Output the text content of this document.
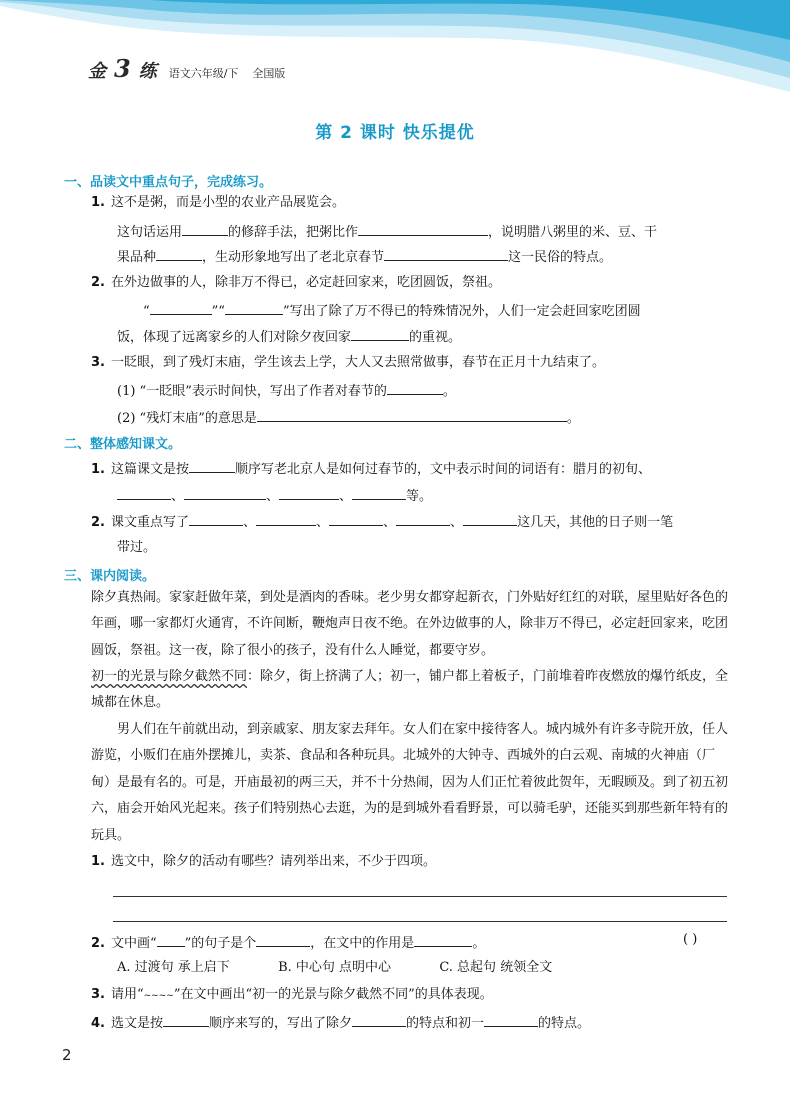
金 3 练 语文六年级/下 全国版
第 2 课时 快乐提优
一、品读文中重点句子，完成练习。
1. 这不是粥，而是小型的农业产品展览会。
这句话运用	的修辞手法，把粥比作	，说明腊八粥里的米、豆、干
果品种	，生动形象地写出了老北京春节	这一民俗的特点。
2. 在外边做事的人，除非万不得已，必定赶回家来，吃团圆饭，祭祖。
“	”“	”写出了除了万不得已的特殊情况外，人们一定会赶回家吃团圆
饭，体现了远离家乡的人们对除夕夜回家	的重视。
3. 一眨眼，到了残灯末庙，学生该去上学，大人又去照常做事，春节在正月十九结束了。
(1) “一眨眼”表示时间快，写出了作者对春节的	。
(2) “残灯末庙”的意思是	。
二、整体感知课文。
1. 这篇课文是按	顺序写老北京人是如何过春节的，文中表示时间的词语有：腊月的初旬、
、	、	、	等。
2. 课文重点写了	、	、	、	、	这几天，其他的日子则一笔
带过。
三、课内阅读。
除夕真热闹。家家赶做年菜，到处是酒肉的香味。老少男女都穿起新衣，门外贴好红红的对联，屋里贴好各色的年画，哪一家都灯火通宵，不许间断，鞭炮声日夜不绝。在外边做事的人，除非万不得已，必定赶回家来，吃团圆饭，祭祖。这一夜，除了很小的孩子，没有什么人睡觉，都要守岁。
初一的光景与除夕截然不同：除夕，街上挤满了人；初一，铺户都上着板子，门前堆着昨夜燃放的爆竹纸皮，全城都在休息。
男人们在午前就出动，到亲戚家、朋友家去拜年。女人们在家中接待客人。城内城外有许多寺院开放，任人游览，小贩们在庙外摆摊儿，卖茶、食品和各种玩具。北城外的大钟寺、西城外的白云观、南城的火神庙（厂甸）是最有名的。可是，开庙最初的两三天，并不十分热闹，因为人们正忙着彼此贺年，无暇顾及。到了初五初六，庙会开始风光起来。孩子们特别热心去逛，为的是到城外看看野景，可以骑毛驴，还能买到那些新年特有的玩具。
1. 选文中，除夕的活动有哪些？请列举出来，不少于四项。
2. 文中画“ ”的句子是个	，在文中的作用是	。	( )
A. 过渡句 承上启下	B. 中心句 点明中心	C. 总起句 统领全文
3. 请用“~~~~”在文中画出“初一的光景与除夕截然不同”的具体表现。
4. 选文是按	顺序来写的，写出了除夕	的特点和初一	的特点。
2
